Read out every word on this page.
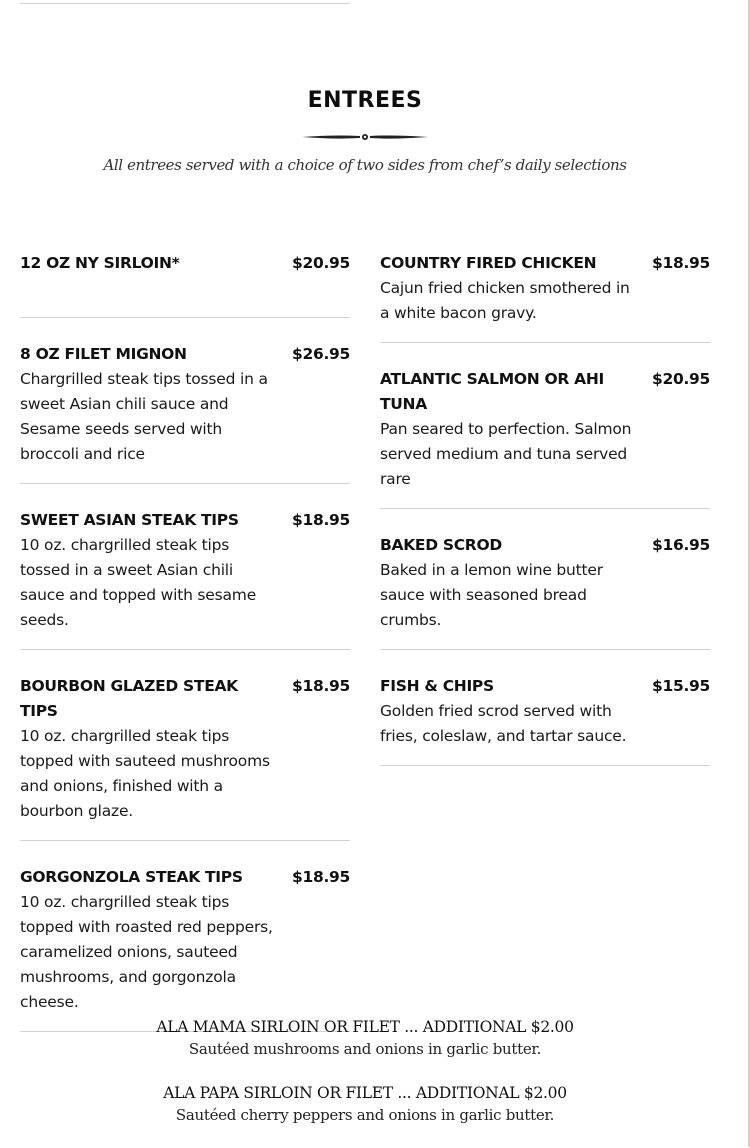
ENTREES
All entrees served with a choice of two sides from chef’s daily selections
12 OZ NY SIRLOIN*	$20.95
8 OZ FILET MIGNON	$26.95
Chargrilled steak tips tossed in a sweet Asian chili sauce and Sesame seeds served with broccoli and rice
SWEET ASIAN STEAK TIPS	$18.95
10 oz. chargrilled steak tips tossed in a sweet Asian chili sauce and topped with sesame seeds.
BOURBON GLAZED STEAK TIPS
$18.95
10 oz. chargrilled steak tips topped with sauteed mushrooms and onions, finished with a bourbon glaze.
GORGONZOLA STEAK TIPS	$18.95
10 oz. chargrilled steak tips topped with roasted red peppers, caramelized onions, sauteed mushrooms, and gorgonzola cheese.
COUNTRY FIRED CHICKEN	$18.95
Cajun fried chicken smothered in a white bacon gravy.
ATLANTIC SALMON OR AHI TUNA
$20.95
Pan seared to perfection. Salmon served medium and tuna served rare
BAKED SCROD	$16.95
Baked in a lemon wine butter sauce with seasoned bread crumbs.
FISH & CHIPS	$15.95
Golden fried scrod served with fries, coleslaw, and tartar sauce.
ALA MAMA SIRLOIN OR FILET ... ADDITIONAL $2.00
Sautéed mushrooms and onions in garlic butter.
ALA PAPA SIRLOIN OR FILET ... ADDITIONAL $2.00
Sautéed cherry peppers and onions in garlic butter.
